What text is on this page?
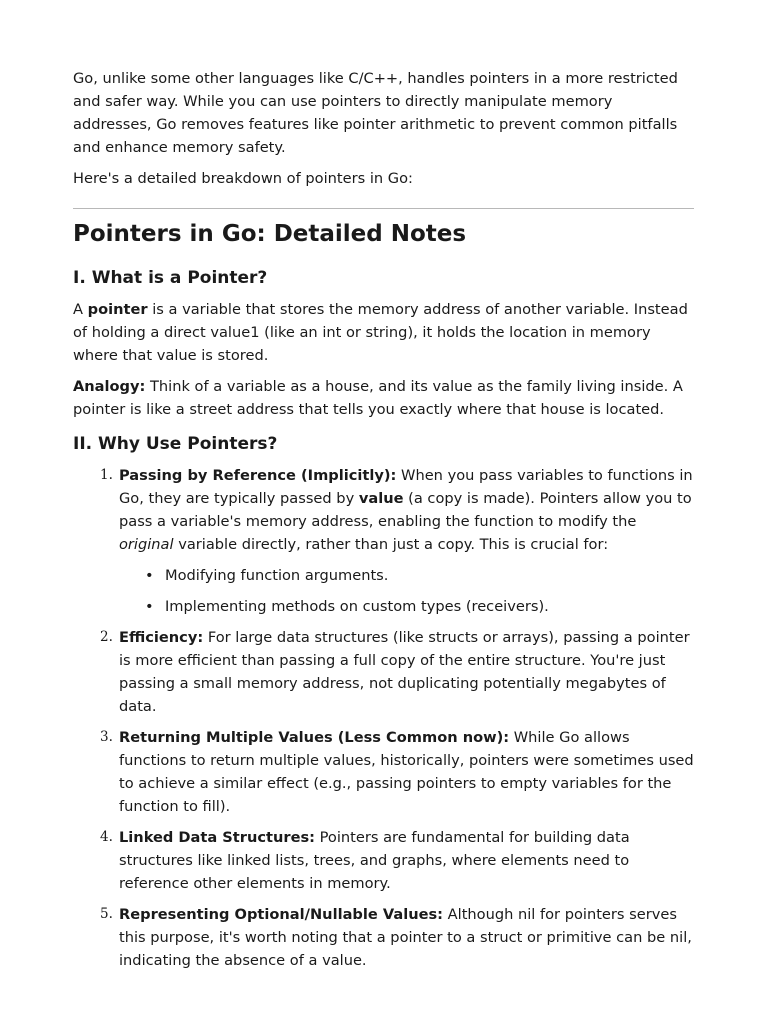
Go, unlike some other languages like C/C++, handles pointers in a more restricted and safer way. While you can use pointers to directly manipulate memory addresses, Go removes features like pointer arithmetic to prevent common pitfalls and enhance memory safety.

Here's a detailed breakdown of pointers in Go:

Pointers in Go: Detailed Notes
I. What is a Pointer?

A pointer is a variable that stores the memory address of another variable. Instead of holding a direct value1 (like an int or string), it holds the location in memory where that value is stored.

Analogy: Think of a variable as a house, and its value as the family living inside. A pointer is like a street address that tells you exactly where that house is located.

II. Why Use Pointers?
1. Passing by Reference (Implicitly): When you pass variables to functions in Go, they are typically passed by value (a copy is made). Pointers allow you to pass a variable's memory address, enabling the function to modify the original variable directly, rather than just a copy. This is crucial for:
• Modifying function arguments.
• Implementing methods on custom types (receivers).
2. Efficiency: For large data structures (like structs or arrays), passing a pointer is more efficient than passing a full copy of the entire structure. You're just passing a small memory address, not duplicating potentially megabytes of data.
3. Returning Multiple Values (Less Common now): While Go allows functions to return multiple values, historically, pointers were sometimes used to achieve a similar effect (e.g., passing pointers to empty variables for the function to fill).
4. Linked Data Structures: Pointers are fundamental for building data structures like linked lists, trees, and graphs, where elements need to reference other elements in memory.
5. Representing Optional/Nullable Values: Although nil for pointers serves this purpose, it's worth noting that a pointer to a struct or primitive can be nil, indicating the absence of a value.
